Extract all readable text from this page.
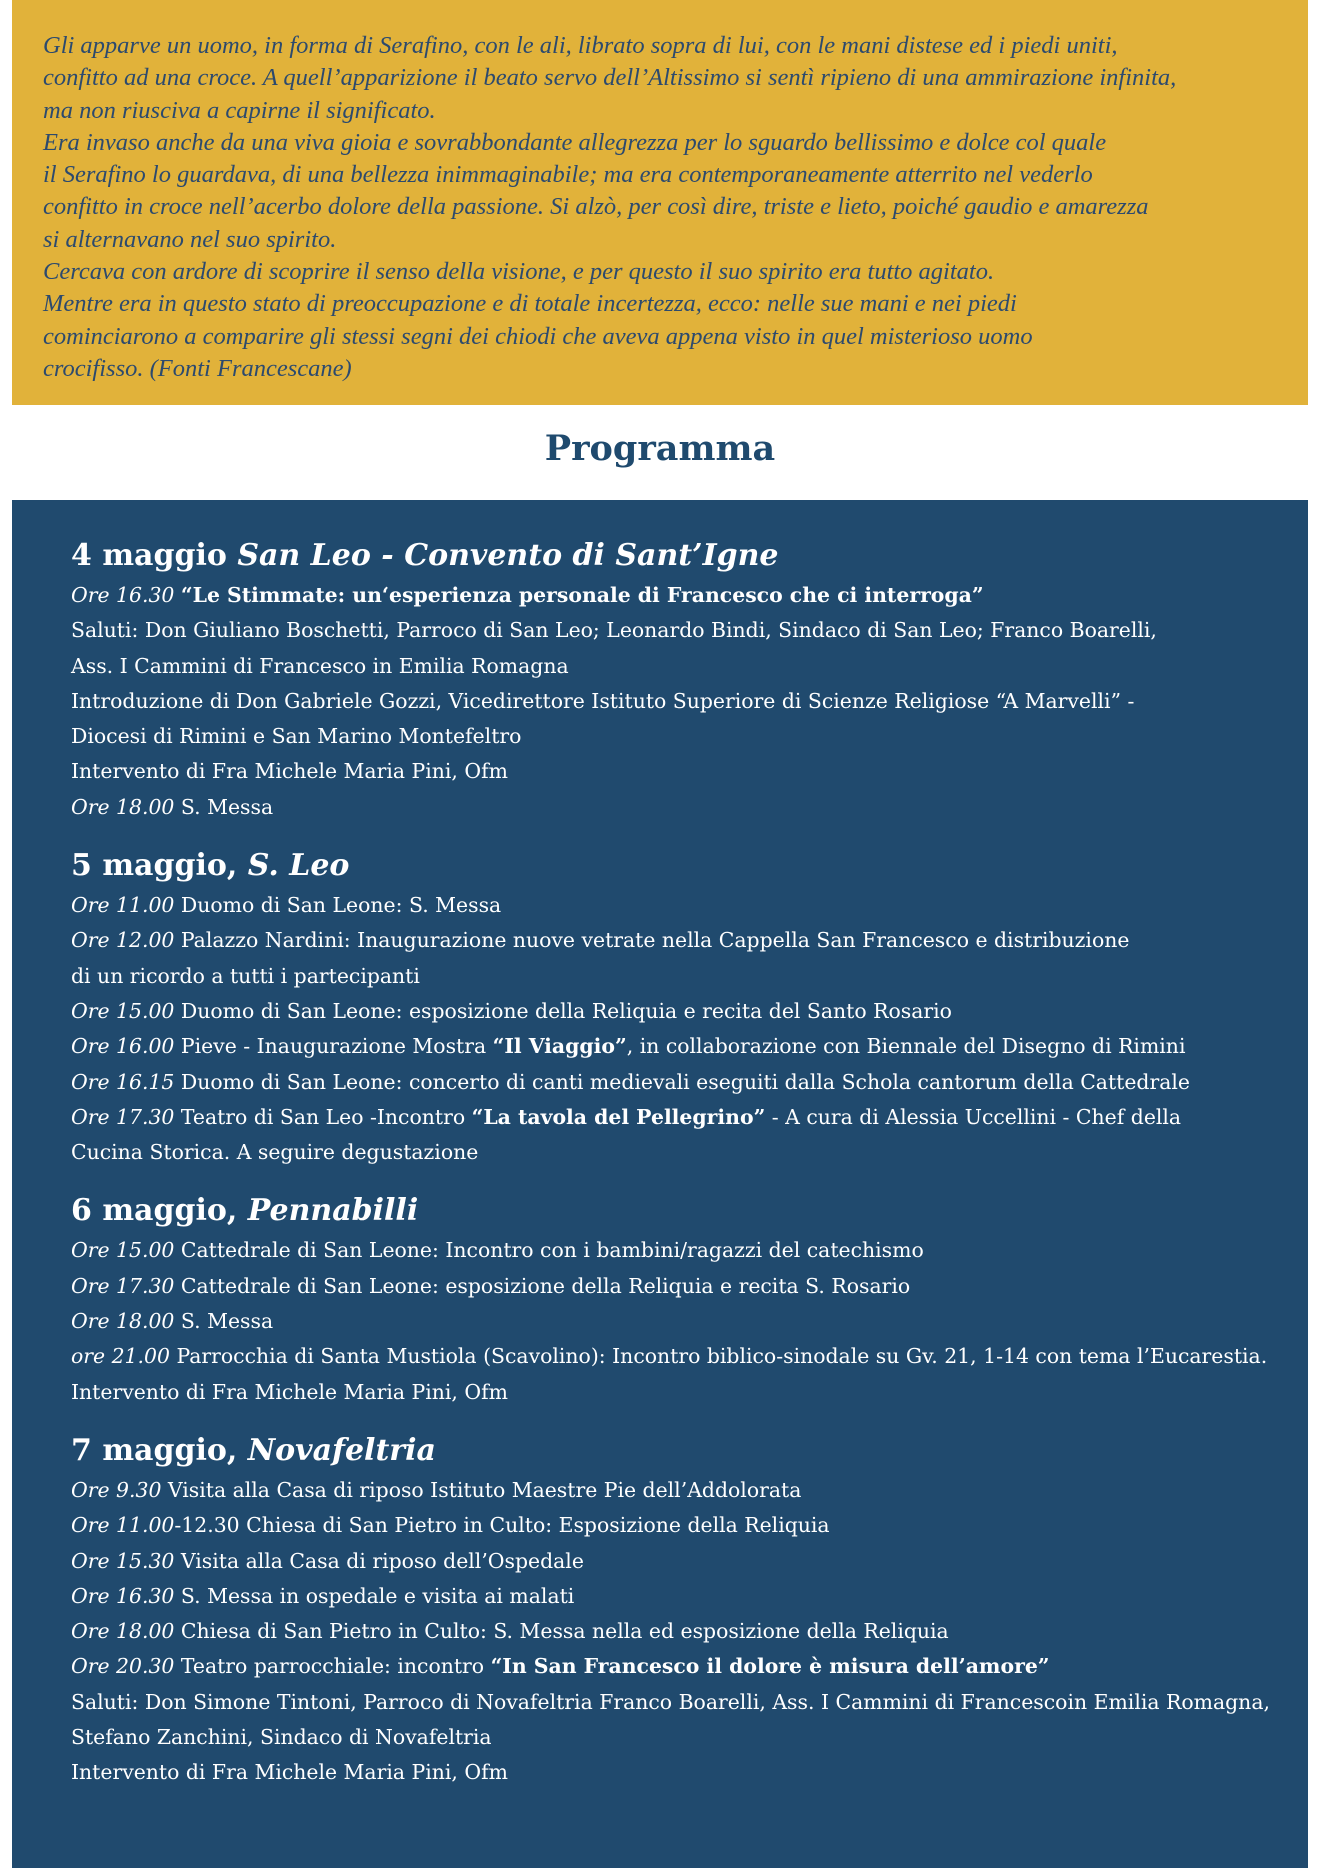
Gli apparve un uomo, in forma di Serafino, con le ali, librato sopra di lui, con le mani distese ed i piedi uniti,

confitto ad una croce. A quell’apparizione il beato servo dell’Altissimo si sentì ripieno di una ammirazione infinita,

ma non riusciva a capirne il significato.

Era invaso anche da una viva gioia e sovrabbondante allegrezza per lo sguardo bellissimo e dolce col quale

il Serafino lo guardava, di una bellezza inimmaginabile; ma era contemporaneamente atterrito nel vederlo

confitto in croce nell’acerbo dolore della passione. Si alzò, per così dire, triste e lieto, poiché gaudio e amarezza

si alternavano nel suo spirito.

Cercava con ardore di scoprire il senso della visione, e per questo il suo spirito era tutto agitato.

Mentre era in questo stato di preoccupazione e di totale incertezza, ecco: nelle sue mani e nei piedi

cominciarono a comparire gli stessi segni dei chiodi che aveva appena visto in quel misterioso uomo

crocifisso. (Fonti Francescane)

Programma
4 maggio San Leo - Convento di Sant’Igne

Ore 16.30 “Le Stimmate: un‘esperienza personale di Francesco che ci interroga”

Saluti: Don Giuliano Boschetti, Parroco di San Leo; Leonardo Bindi, Sindaco di San Leo; Franco Boarelli,

Ass. I Cammini di Francesco in Emilia Romagna

Introduzione di Don Gabriele Gozzi, Vicedirettore Istituto Superiore di Scienze Religiose “A Marvelli” -

Diocesi di Rimini e San Marino Montefeltro

Intervento di Fra Michele Maria Pini, Ofm

Ore 18.00 S. Messa

5 maggio, S. Leo

Ore 11.00 Duomo di San Leone: S. Messa

Ore 12.00 Palazzo Nardini: Inaugurazione nuove vetrate nella Cappella San Francesco e distribuzione

di un ricordo a tutti i partecipanti

Ore 15.00 Duomo di San Leone: esposizione della Reliquia e recita del Santo Rosario

Ore 16.00 Pieve - Inaugurazione Mostra “Il Viaggio”, in collaborazione con Biennale del Disegno di Rimini

Ore 16.15 Duomo di San Leone: concerto di canti medievali eseguiti dalla Schola cantorum della Cattedrale

Ore 17.30 Teatro di San Leo -Incontro “La tavola del Pellegrino” - A cura di Alessia Uccellini - Chef della

Cucina Storica. A seguire degustazione

6 maggio, Pennabilli

Ore 15.00 Cattedrale di San Leone: Incontro con i bambini/ragazzi del catechismo

Ore 17.30 Cattedrale di San Leone: esposizione della Reliquia e recita S. Rosario

Ore 18.00 S. Messa

ore 21.00 Parrocchia di Santa Mustiola (Scavolino): Incontro biblico-sinodale su Gv. 21, 1-14 con tema l’Eucarestia.

Intervento di Fra Michele Maria Pini, Ofm

7 maggio, Novafeltria

Ore 9.30 Visita alla Casa di riposo Istituto Maestre Pie dell’Addolorata

Ore 11.00-12.30 Chiesa di San Pietro in Culto: Esposizione della Reliquia

Ore 15.30 Visita alla Casa di riposo dell’Ospedale

Ore 16.30 S. Messa in ospedale e visita ai malati

Ore 18.00 Chiesa di San Pietro in Culto: S. Messa nella ed esposizione della Reliquia

Ore 20.30 Teatro parrocchiale: incontro “In San Francesco il dolore è misura dell’amore”

Saluti: Don Simone Tintoni, Parroco di Novafeltria Franco Boarelli, Ass. I Cammini di Francescoin Emilia Romagna,

Stefano Zanchini, Sindaco di Novafeltria

Intervento di Fra Michele Maria Pini, Ofm
